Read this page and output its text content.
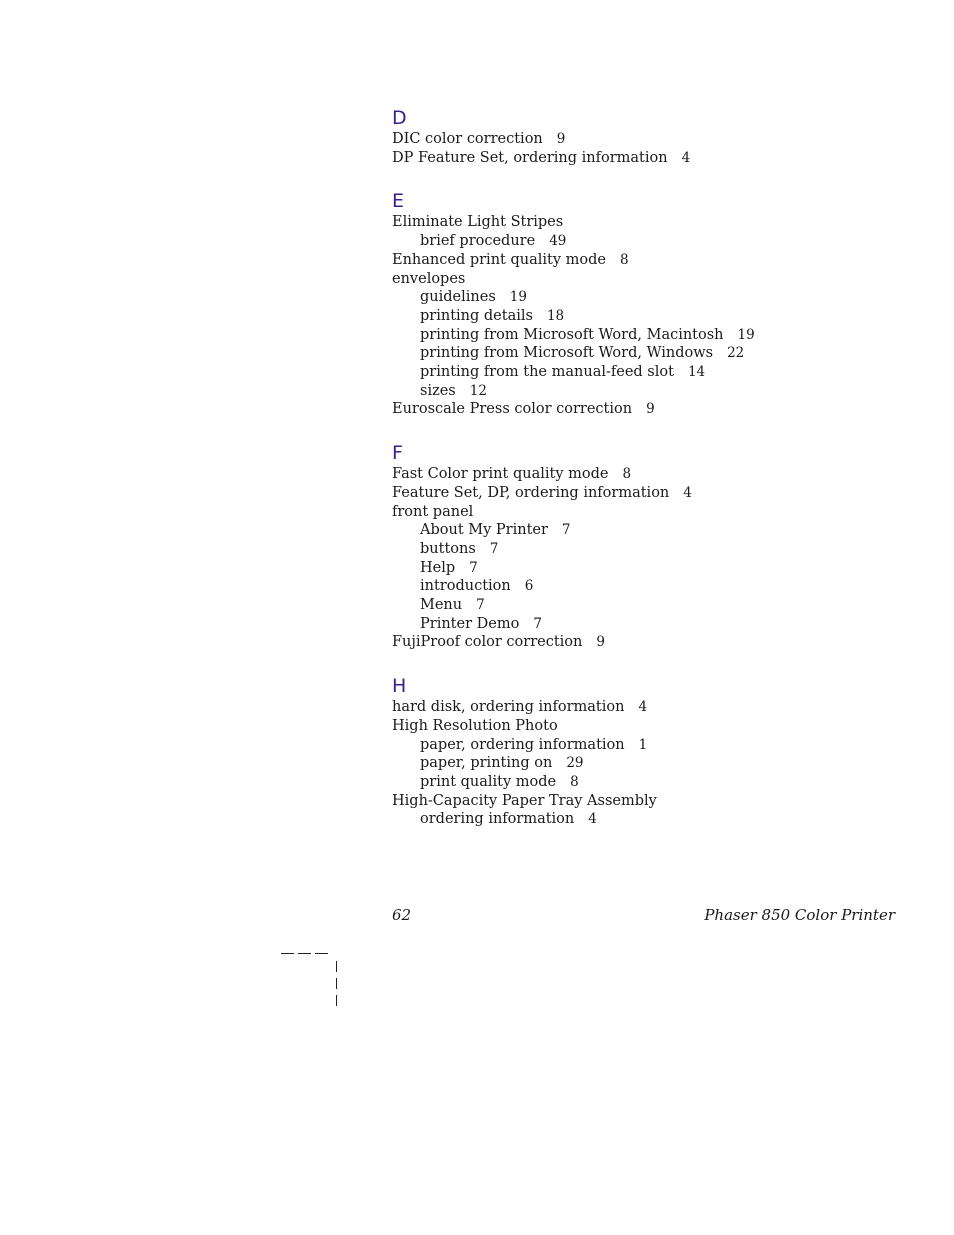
D
DIC color correction 9
DP Feature Set, ordering information 4
E
Eliminate Light Stripes
brief procedure 49
Enhanced print quality mode 8
envelopes
guidelines 19
printing details 18
printing from Microsoft Word, Macintosh 19
printing from Microsoft Word, Windows 22
printing from the manual-feed slot 14
sizes 12
Euroscale Press color correction 9
F
Fast Color print quality mode 8
Feature Set, DP, ordering information 4
front panel
About My Printer 7
buttons 7
Help 7
introduction 6
Menu 7
Printer Demo 7
FujiProof color correction 9
H
hard disk, ordering information 4
High Resolution Photo
paper, ordering information 1
paper, printing on 29
print quality mode 8
High-Capacity Paper Tray Assembly
ordering information 4
62	Phaser 850 Color Printer
